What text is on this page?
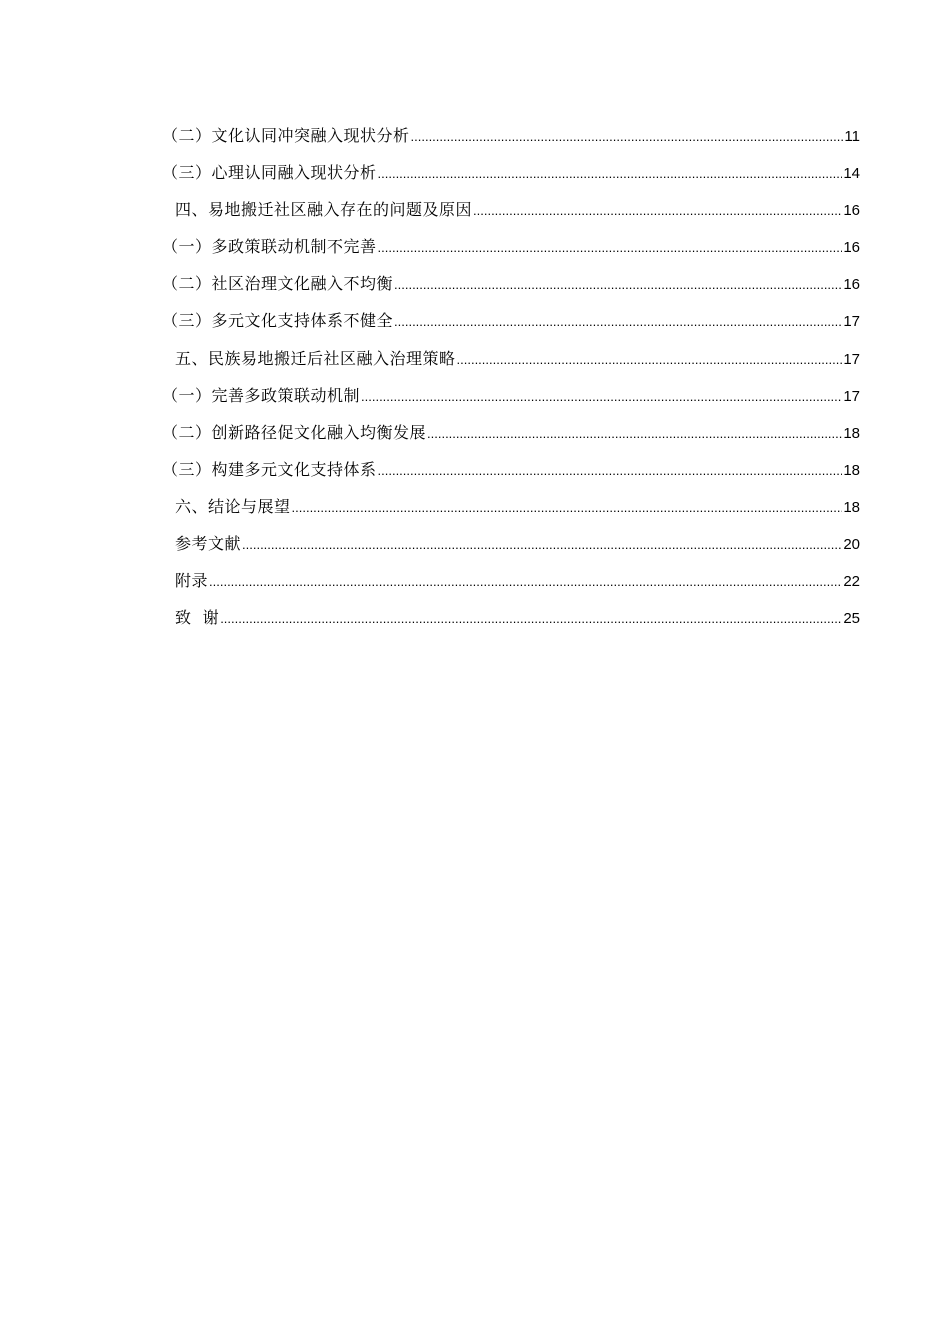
（二）文化认同冲突融入现状分析 .....	11
（三）心理认同融入现状分析 .....	14
四、易地搬迁社区融入存在的问题及原因 .....	16
（一）多政策联动机制不完善 .....	16
（二）社区治理文化融入不均衡 .....	16
（三）多元文化支持体系不健全 .....	17
五、民族易地搬迁后社区融入治理策略 .....	17
（一）完善多政策联动机制 .....	17
（二）创新路径促文化融入均衡发展 .....	18
（三）构建多元文化支持体系 .....	18
六、结论与展望 .....	18
参考文献 .....	20
附录 .....	22
致  谢 .....	25
